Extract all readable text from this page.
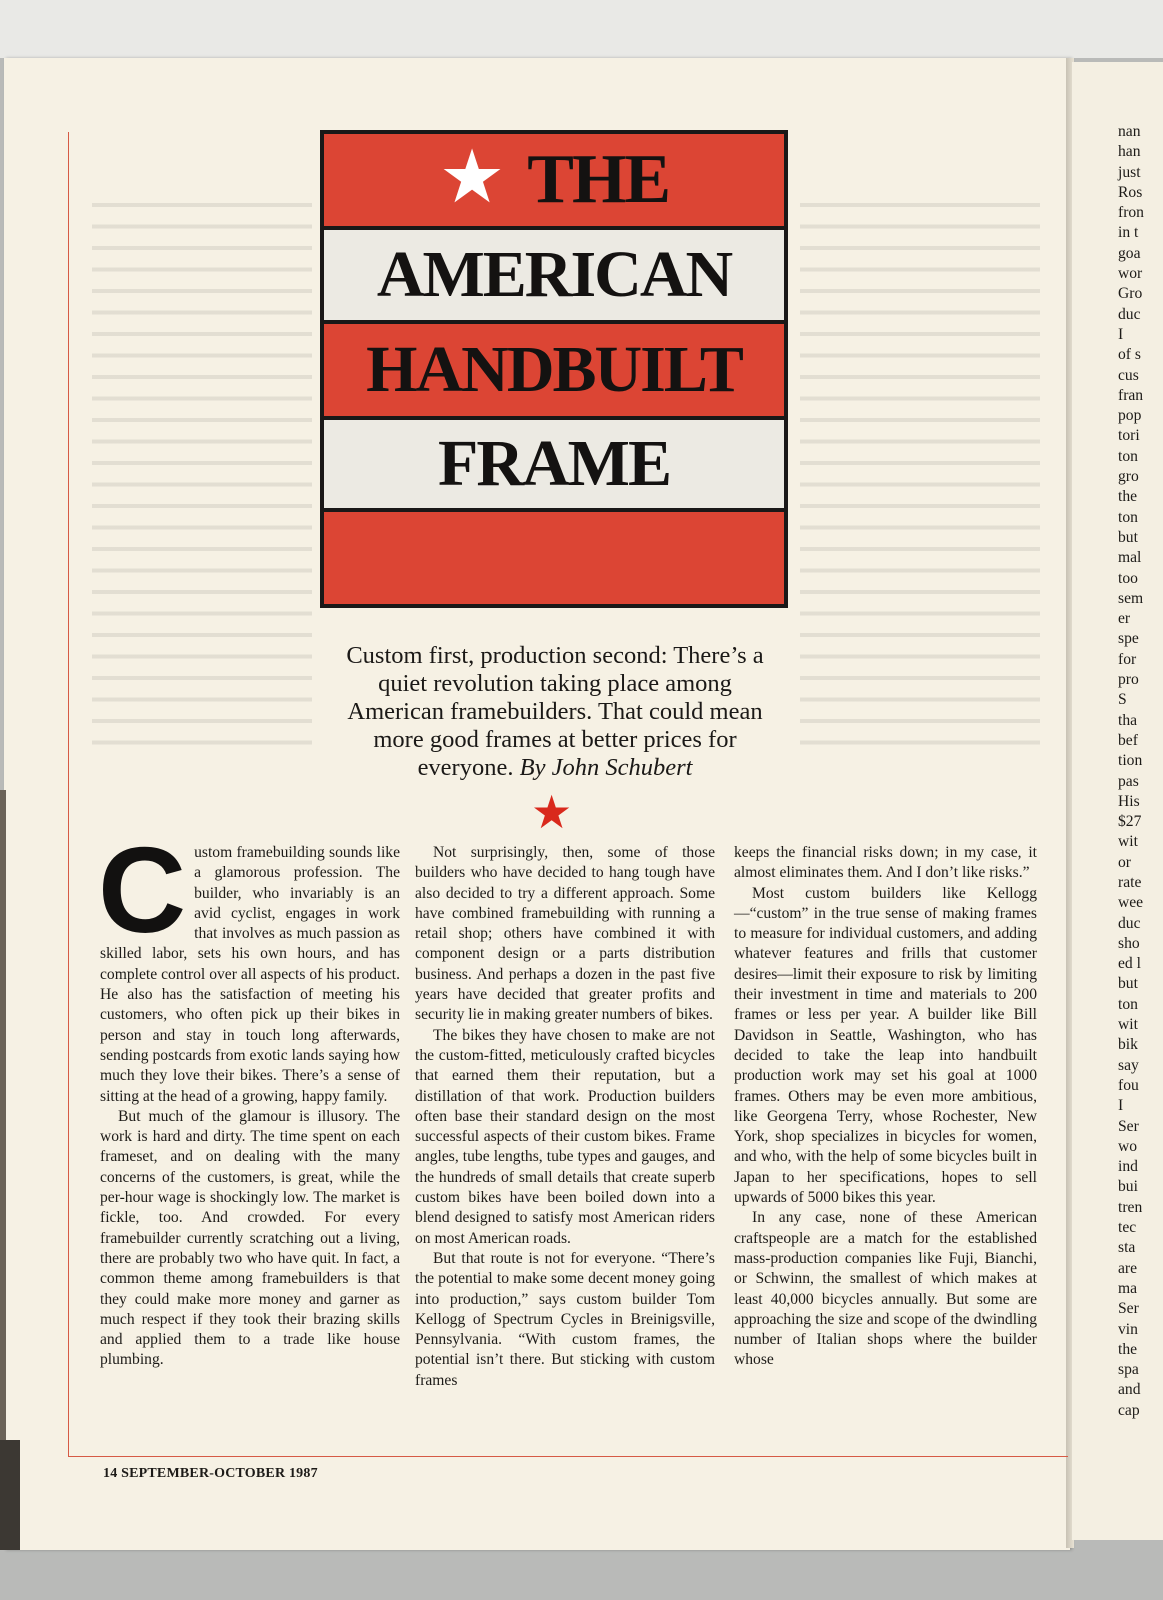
★ THE
AMERICAN
HANDBUILT
FRAME
Custom first, production second: There’s a
quiet revolution taking place among
American framebuilders. That could mean
more good frames at better prices for
everyone. By John Schubert
★

Custom framebuilding sounds like a glamorous profession. The builder, who invariably is an avid cyclist, engages in work that involves as much passion as skilled labor, sets his own hours, and has complete control over all aspects of his product. He also has the satisfaction of meeting his customers, who often pick up their bikes in person and stay in touch long afterwards, sending postcards from exotic lands saying how much they love their bikes. There’s a sense of sitting at the head of a growing, happy family.

But much of the glamour is illusory. The work is hard and dirty. The time spent on each frameset, and on dealing with the many concerns of the customers, is great, while the per-hour wage is shockingly low. The market is fickle, too. And crowded. For every framebuilder currently scratching out a living, there are probably two who have quit. In fact, a common theme among framebuilders is that they could make more money and garner as much respect if they took their brazing skills and applied them to a trade like house plumbing.

Not surprisingly, then, some of those builders who have decided to hang tough have also decided to try a different approach. Some have combined framebuilding with running a retail shop; others have combined it with component design or a parts distribution business. And perhaps a dozen in the past five years have decided that greater profits and security lie in making greater numbers of bikes.

The bikes they have chosen to make are not the custom-fitted, meticulously crafted bicycles that earned them their reputation, but a distillation of that work. Production builders often base their standard design on the most successful aspects of their custom bikes. Frame angles, tube lengths, tube types and gauges, and the hundreds of small details that create superb custom bikes have been boiled down into a blend designed to satisfy most American riders on most American roads.

But that route is not for everyone. “There’s the potential to make some decent money going into production,” says custom builder Tom Kellogg of Spectrum Cycles in Breinigsville, Pennsylvania. “With custom frames, the potential isn’t there. But sticking with custom frames

keeps the financial risks down; in my case, it almost eliminates them. And I don’t like risks.”

Most custom builders like Kellogg—“custom” in the true sense of making frames to measure for individual customers, and adding whatever features and frills that customer desires—limit their exposure to risk by limiting their investment in time and materials to 200 frames or less per year. A builder like Bill Davidson in Seattle, Washington, who has decided to take the leap into handbuilt production work may set his goal at 1000 frames. Others may be even more ambitious, like Georgena Terry, whose Rochester, New York, shop specializes in bicycles for women, and who, with the help of some bicycles built in Japan to her specifications, hopes to sell upwards of 5000 bikes this year.

In any case, none of these American craftspeople are a match for the established mass-production companies like Fuji, Bianchi, or Schwinn, the smallest of which makes at least 40,000 bicycles annually. But some are approaching the size and scope of the dwindling number of Italian shops where the builder whose

14 SEPTEMBER-OCTOBER 1987
nan
han
just
Ros
fron
in t
goa
wor
Gro
duc
I
of s
cus
fran
pop
tori
ton
gro
the
ton
but
mal
too
sem
er
spe
for
pro
S
tha
bef
tion
pas
His
$27
wit
or
rate
wee
duc
sho
ed l
but
ton
wit
bik
say
fou
I
Ser
wo
ind
bui
tren
tec
sta
are
ma
Ser
vin
the
spa
and
cap
